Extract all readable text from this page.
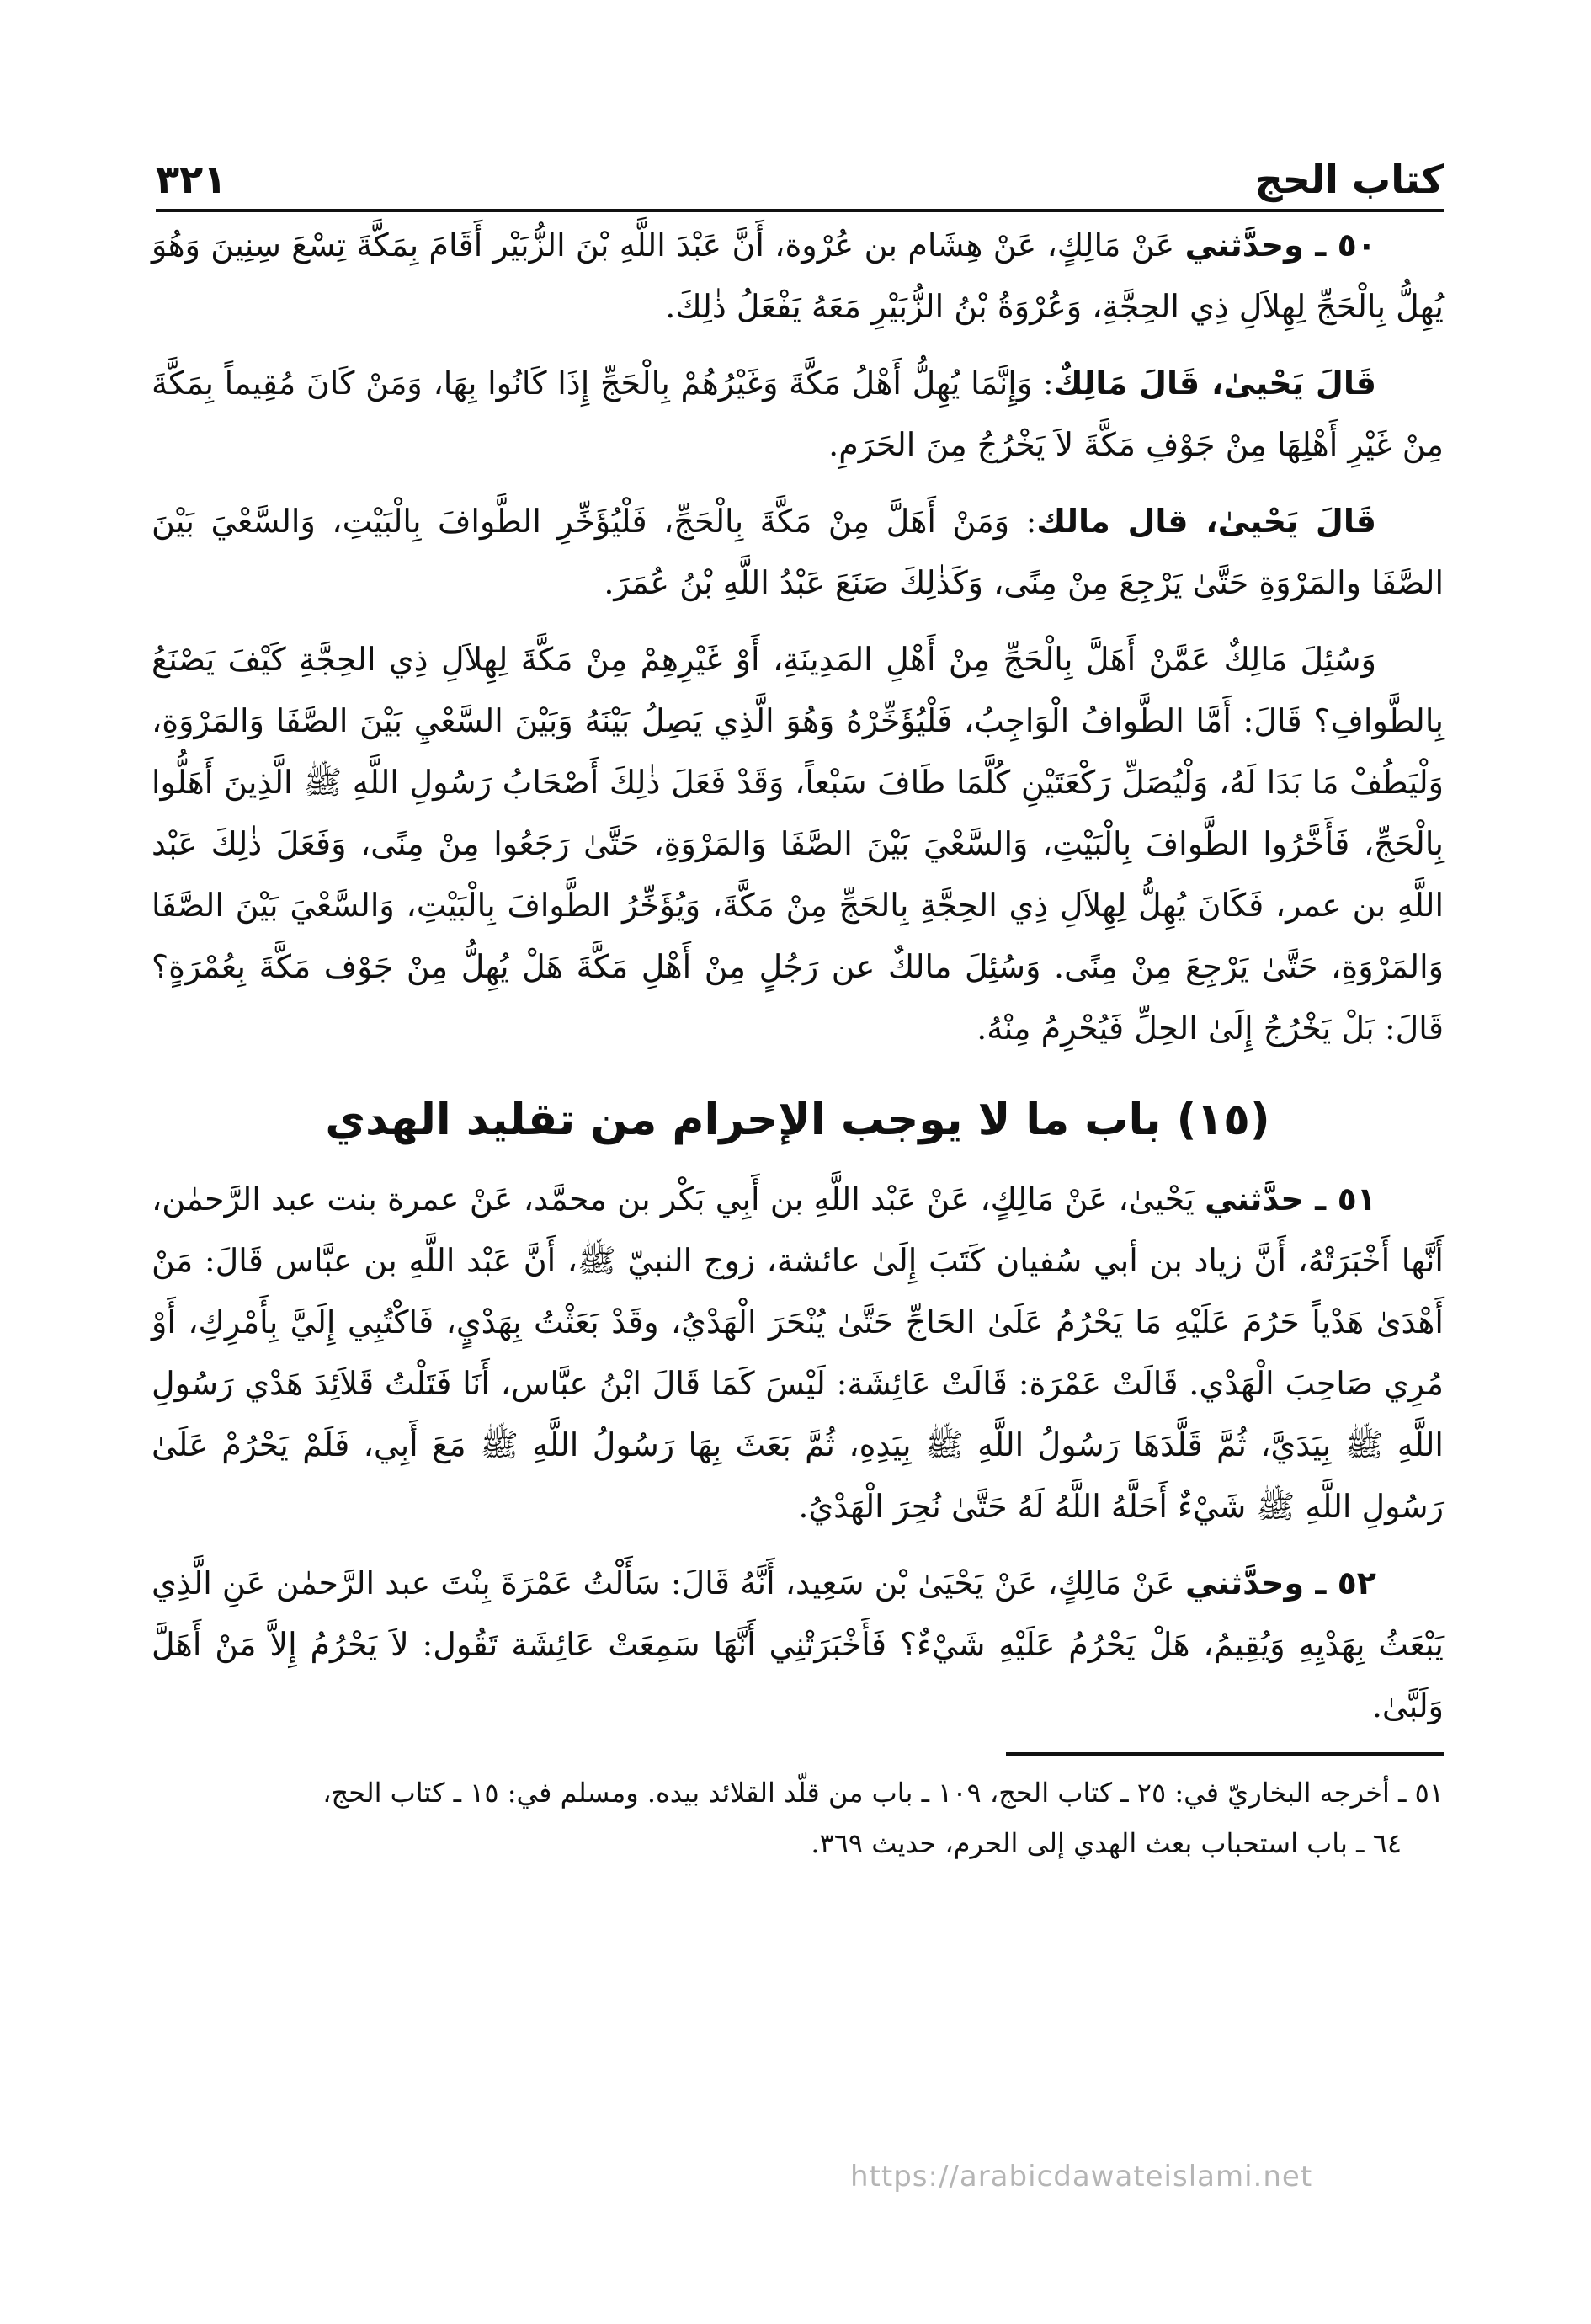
كتاب الحج
٣٢١

٥٠ ـ وحدَّثني عَنْ مَالِكٍ، عَنْ هِشَام بن عُرْوة، أَنَّ عَبْدَ اللَّهِ بْنَ الزُّبَيْر أَقَامَ بِمَكَّةَ تِسْعَ سِنِينَ وَهُوَ يُهِلُّ بِالْحَجِّ لِهِلاَلِ ذِي الحِجَّةِ، وَعُرْوَةُ بْنُ الزُّبَيْرِ مَعَهُ يَفْعَلُ ذٰلِكَ.

قَالَ يَحْيىٰ، قَالَ مَالِكٌ: وَإِنَّمَا يُهِلُّ أَهْلُ مَكَّةَ وَغَيْرُهُمْ بِالْحَجِّ إِذَا كَانُوا بِهَا، وَمَنْ كَانَ مُقِيماً بِمَكَّةَ مِنْ غَيْرِ أَهْلِهَا مِنْ جَوْفِ مَكَّةَ لاَ يَخْرُجُ مِنَ الحَرَمِ.

قَالَ يَحْيىٰ، قال مالك: وَمَنْ أَهَلَّ مِنْ مَكَّةَ بِالْحَجِّ، فَلْيُؤَخِّرِ الطَّوافَ بِالْبَيْتِ، وَالسَّعْيَ بَيْنَ الصَّفَا والمَرْوَةِ حَتَّىٰ يَرْجِعَ مِنْ مِنًى، وَكَذٰلِكَ صَنَعَ عَبْدُ اللَّهِ بْنُ عُمَرَ.

وَسُئِلَ مَالِكٌ عَمَّنْ أَهَلَّ بِالْحَجِّ مِنْ أَهْلِ المَدِينَةِ، أَوْ غَيْرِهِمْ مِنْ مَكَّةَ لِهِلاَلِ ذِي الحِجَّةِ كَيْفَ يَصْنَعُ بِالطَّوافِ؟ قَالَ: أَمَّا الطَّوافُ الْوَاجِبُ، فَلْيُؤَخِّرْهُ وَهُوَ الَّذِي يَصِلُ بَيْنَهُ وَبَيْنَ السَّعْيِ بَيْنَ الصَّفَا وَالمَرْوَةِ، وَلْيَطُفْ مَا بَدَا لَهُ، وَلْيُصَلِّ رَكْعَتَيْنِ كُلَّمَا طَافَ سَبْعاً، وَقَدْ فَعَلَ ذٰلِكَ أَصْحَابُ رَسُولِ اللَّهِ ﷺ الَّذِينَ أَهَلُّوا بِالْحَجِّ، فَأَخَّرُوا الطَّوافَ بِالْبَيْتِ، وَالسَّعْيَ بَيْنَ الصَّفَا وَالمَرْوَةِ، حَتَّىٰ رَجَعُوا مِنْ مِنًى، وَفَعَلَ ذٰلِكَ عَبْد اللَّهِ بن عمر، فَكَانَ يُهِلُّ لِهِلاَلِ ذِي الحِجَّةِ بِالحَجِّ مِنْ مَكَّةَ، وَيُؤَخِّرُ الطَّوافَ بِالْبَيْتِ، وَالسَّعْيَ بَيْنَ الصَّفَا وَالمَرْوَةِ، حَتَّىٰ يَرْجِعَ مِنْ مِنًى. وَسُئِلَ مالكٌ عن رَجُلٍ مِنْ أَهْلِ مَكَّةَ هَلْ يُهِلُّ مِنْ جَوْف مَكَّةَ بِعُمْرَةٍ؟ قَالَ: بَلْ يَخْرُجُ إِلَىٰ الحِلِّ فَيُحْرِمُ مِنْهُ.

(١٥) باب ما لا يوجب الإحرام من تقليد الهدي

٥١ ـ حدَّثني يَحْيىٰ، عَنْ مَالِكٍ، عَنْ عَبْد اللَّهِ بن أَبِي بَكْر بن محمَّد، عَنْ عمرة بنت عبد الرَّحمٰن، أَنَّها أَخْبَرَتْهُ، أَنَّ زياد بن أبي سُفيان كَتَبَ إِلَىٰ عائشة، زوج النبيّ ﷺ، أَنَّ عَبْد اللَّهِ بن عبَّاس قَالَ: مَنْ أَهْدَىٰ هَدْياً حَرُمَ عَلَيْهِ مَا يَحْرُمُ عَلَىٰ الحَاجِّ حَتَّىٰ يُنْحَرَ الْهَدْيُ، وقَدْ بَعَثْتُ بِهَدْيٍ، فَاكْتُبِي إِلَيَّ بِأَمْرِكِ، أَوْ مُرِي صَاحِبَ الْهَدْي. قَالَتْ عَمْرَة: قَالَتْ عَائِشَة: لَيْسَ كَمَا قَالَ ابْنُ عبَّاس، أَنَا فَتَلْتُ قَلاَئِدَ هَدْي رَسُولِ اللَّهِ ﷺ بِيَدَيَّ، ثُمَّ قَلَّدَهَا رَسُولُ اللَّهِ ﷺ بِيَدِهِ، ثُمَّ بَعَثَ بِهَا رَسُولُ اللَّهِ ﷺ مَعَ أَبِي، فَلَمْ يَحْرُمْ عَلَىٰ رَسُولِ اللَّهِ ﷺ شَيْءٌ أَحَلَّهُ اللَّهُ لَهُ حَتَّىٰ نُحِرَ الْهَدْيُ.

٥٢ ـ وحدَّثني عَنْ مَالِكٍ، عَنْ يَحْيَىٰ بْن سَعِيد، أَنَّهُ قَالَ: سَأَلْتُ عَمْرَةَ بِنْتَ عبد الرَّحمٰن عَنِ الَّذِي يَبْعَثُ بِهَدْيِهِ وَيُقِيمُ، هَلْ يَحْرُمُ عَلَيْهِ شَيْءٌ؟ فَأَخْبَرَتْنِي أَنَّهَا سَمِعَتْ عَائِشَة تَقُول: لاَ يَحْرُمُ إِلاَّ مَنْ أَهَلَّ وَلَبَّىٰ.

٥١ ـ أخرجه البخاريّ في: ٢٥ ـ كتاب الحج، ١٠٩ ـ باب من قلّد القلائد بيده. ومسلم في: ١٥ ـ كتاب الحج،

٦٤ ـ باب استحباب بعث الهدي إلى الحرم، حديث ٣٦٩.

https://arabicdawateislami.net
